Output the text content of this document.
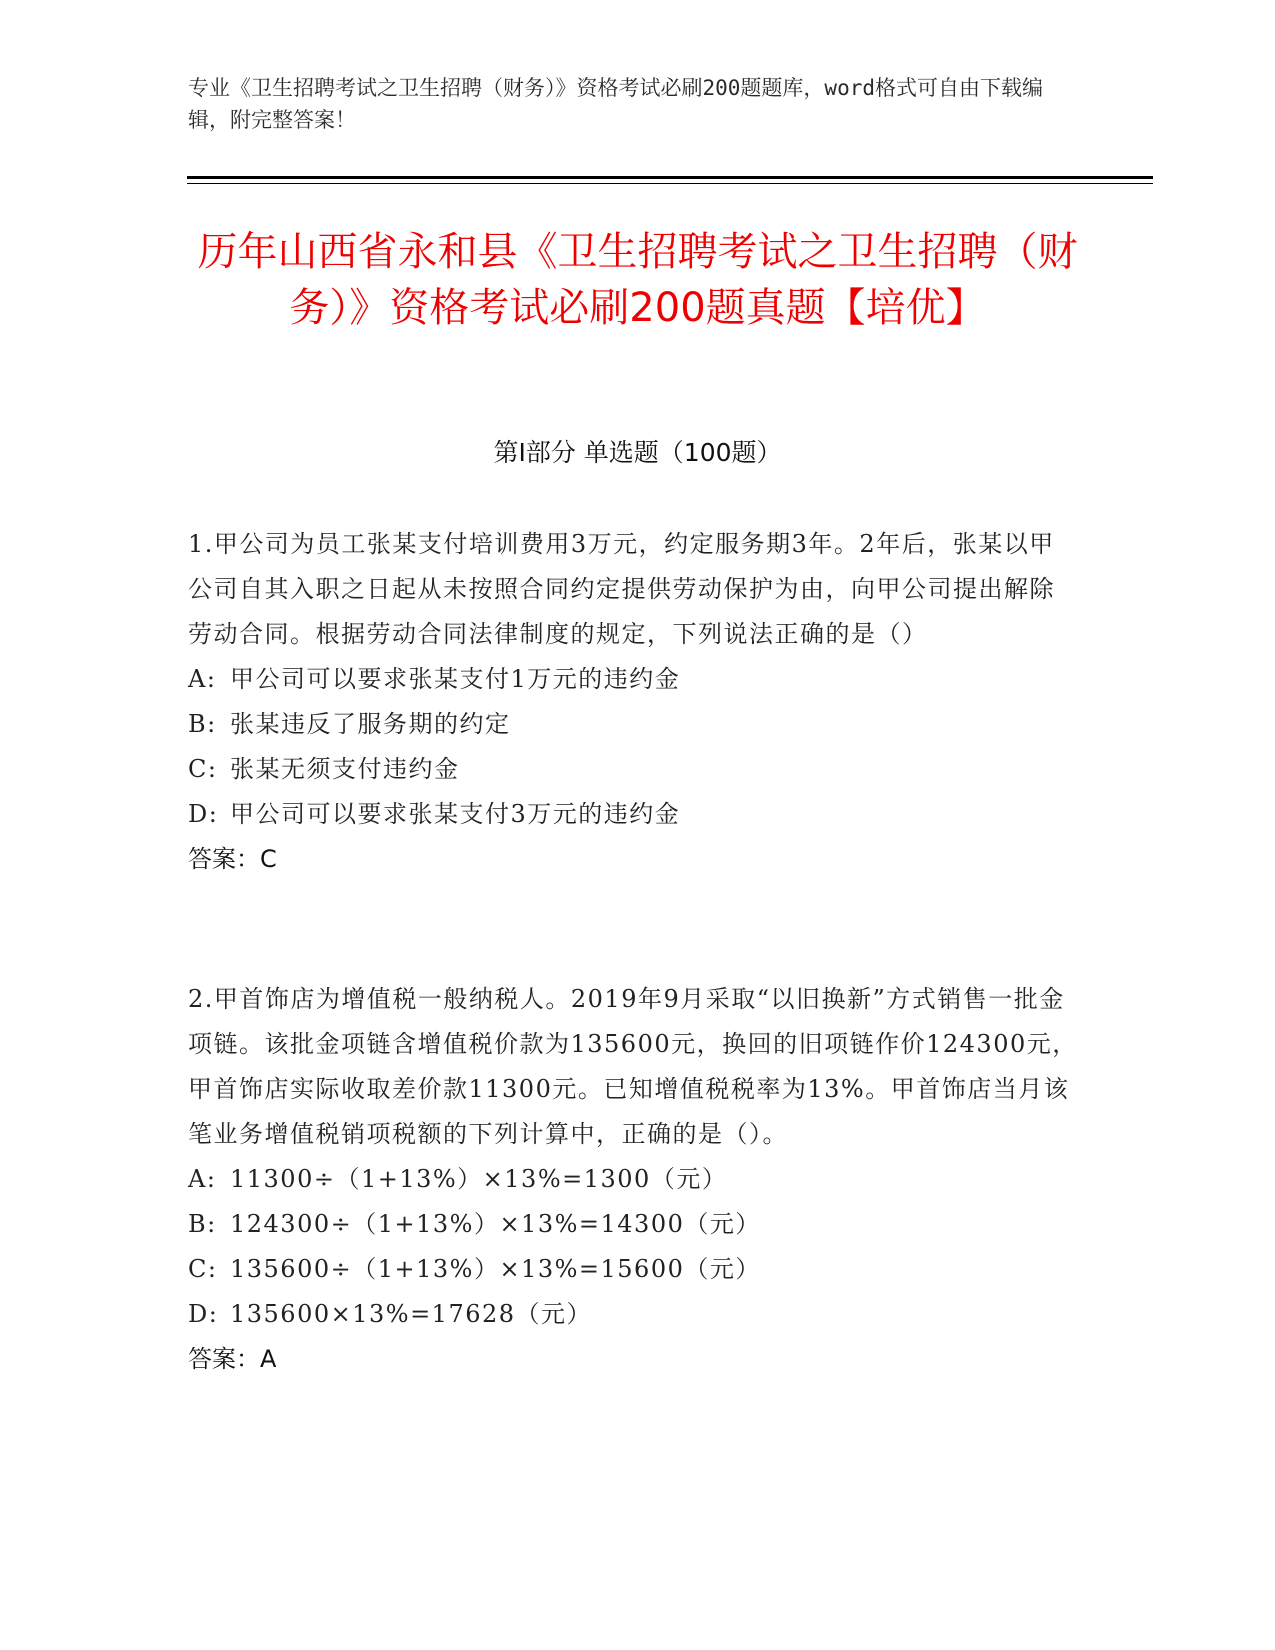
专业《卫生招聘考试之卫生招聘（财务）》资格考试必刷200题题库，word格式可自由下载编辑，附完整答案！
历年山西省永和县《卫生招聘考试之卫生招聘（财务）》资格考试必刷200题真题【培优】
第I部分 单选题（100题）
1.甲公司为员工张某支付培训费用3万元，约定服务期3年。2年后，张某以甲公司自其入职之日起从未按照合同约定提供劳动保护为由，向甲公司提出解除劳动合同。根据劳动合同法律制度的规定，下列说法正确的是（）
A: 甲公司可以要求张某支付1万元的违约金
B: 张某违反了服务期的约定
C: 张某无须支付违约金
D: 甲公司可以要求张某支付3万元的违约金
答案：C
2.甲首饰店为增值税一般纳税人。2019年9月采取“以旧换新”方式销售一批金项链。该批金项链含增值税价款为135600元，换回的旧项链作价124300元，甲首饰店实际收取差价款11300元。已知增值税税率为13%。甲首饰店当月该笔业务增值税销项税额的下列计算中，正确的是（）。
A: 11300÷（1+13%）×13%=1300（元）
B: 124300÷（1+13%）×13%=14300（元）
C: 135600÷（1+13%）×13%=15600（元）
D: 135600×13%=17628（元）
答案：A
